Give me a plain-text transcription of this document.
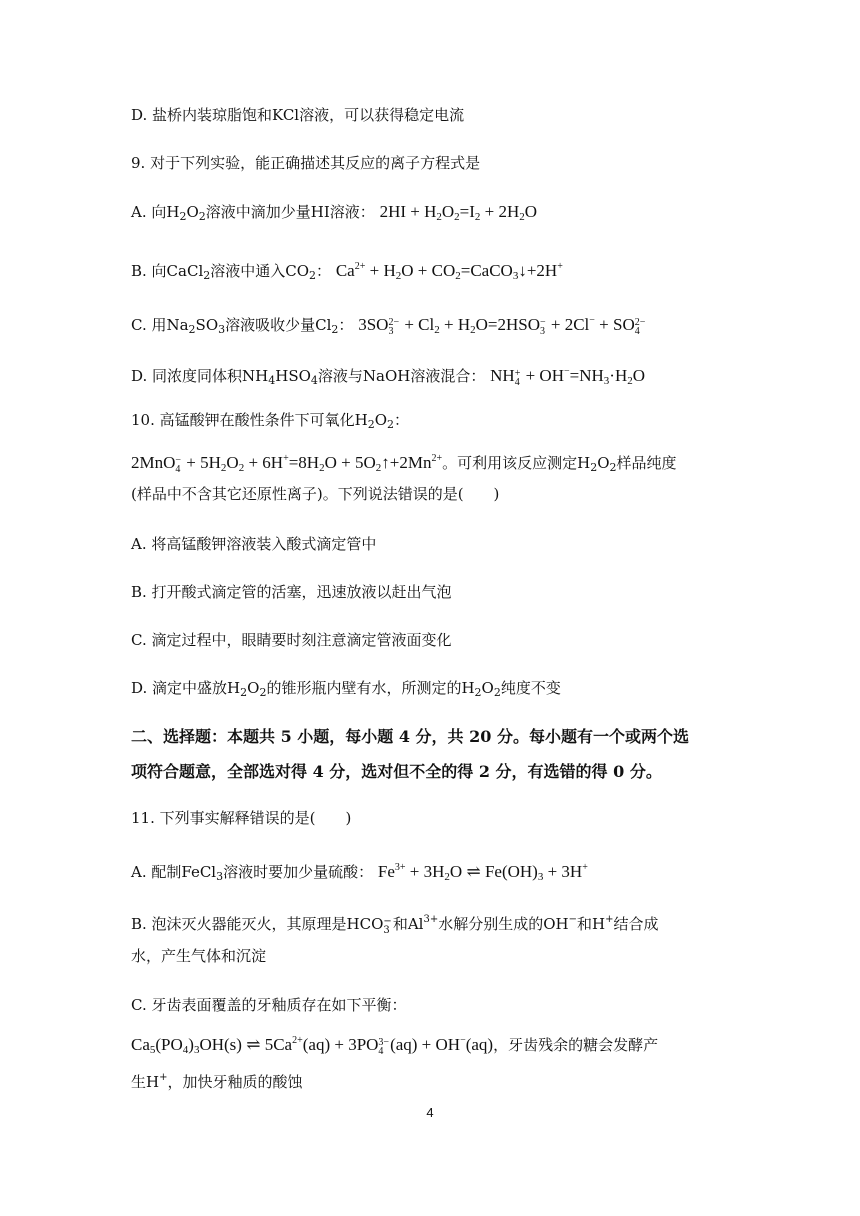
D. 盐桥内装琼脂饱和KCl溶液，可以获得稳定电流
9. 对于下列实验，能正确描述其反应的离子方程式是
A. 向$H_2O_2$溶液中滴加少量HI溶液： $2HI + H_2O_2=I_2 + 2H_2O$
B. 向CaCl$_2$溶液中通入$CO_2$： $Ca^{2+} + H_2O$ + $CO_2=CaCO_3↓+2H^+$
C. 用$Na_2SO_3$溶液吸收少量$Cl_2$： 3SO 2−
$3 + Cl_2 + H_2O=2HSO$ −
3 + 2Cl− + SO 2−
4
D. 同浓度同体积$NH_4HSO_4$溶液与NaOH溶液混合： NH +
$4 + OH^-=NH_3\cdot H_2O$
10. 高锰酸钾在酸性条件下可氧化$H_2O_2$：
2MnO −
$4 + 5H_2O_2 + 6H^+=8H_2O$ + $5O_2↑+2Mn^{2+}$。可利用该反应测定$H_2O_2$样品纯度
(样品中不含其它还原性离子)。下列说法错误的是(　　)
A. 将高锰酸钾溶液装入酸式滴定管中
B. 打开酸式滴定管的活塞，迅速放液以赶出气泡
C. 滴定过程中，眼睛要时刻注意滴定管液面变化
D. 滴定中盛放$H_2O_2$的锥形瓶内壁有水，所测定的$H_2O_2$纯度不变
二、选择题：本题共 5 小题，每小题 4 分，共 20 分。每小题有一个或两个选
项符合题意，全部选对得 4 分，选对但不全的得 2 分，有选错的得 0 分。
11. 下列事实解释错误的是(　　)
A. 配制FeCl$_3$溶液时要加少量硫酸： $Fe^{3+} + 3H_2O$ ⇌ $Fe(OH)_3 + 3H^+$
B. 泡沫灭火器能灭火，其原理是HCO −
3 和$Al^{3+}$水解分别生成的OH−和H+结合成
水，产生气体和沉淀
C. 牙齿表面覆盖的牙釉质存在如下平衡：
$Ca_5(PO_4)_3OH(s)$ ⇌ $5Ca^{2+}(aq) + 3PO$ 3−
4 (aq) + OH−(aq)，牙齿残余的糖会发酵产
生H+，加快牙釉质的酸蚀
4
